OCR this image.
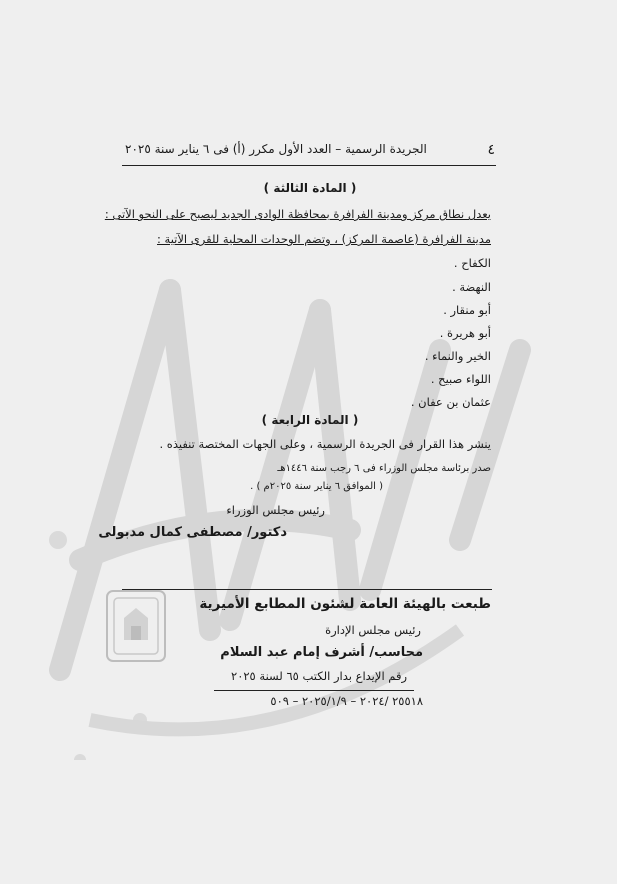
٤
الجريدة الرسمية – العدد الأول مكرر (أ) فى ٦ يناير سنة ٢٠٢٥
( المادة الثالثة )
يعدل نطاق مركز ومدينة الفرافرة بمحافظة الوادى الجديد ليصبح على النحو الآتى :
مدينة الفرافرة (عاصمة المركز) ، وتضم الوحدات المحلية للقرى الآتية :
الكفاح .
النهضة .
أبو منقار .
أبو هريرة .
الخير والنماء .
اللواء صبيح .
عثمان بن عفان .
( المادة الرابعة )
ينشر هذا القرار فى الجريدة الرسمية ، وعلى الجهات المختصة تنفيذه .
صدر برئاسة مجلس الوزراء فى ٦ رجب سنة ١٤٤٦هـ
( الموافق ٦ يناير سنة ٢٠٢٥م ) .
رئيس مجلس الوزراء
دكتور/ مصطفى كمال مدبولى
طبعت بالهيئة العامة لشئون المطابع الأميرية
رئيس مجلس الإدارة
محاسب/ أشرف إمام عبد السلام
رقم الإيداع بدار الكتب ٦٥ لسنة ٢٠٢٥
٢٥٥١٨ /٢٠٢٤ – ٢٠٢٥/١/٩ – ٥٠٩
